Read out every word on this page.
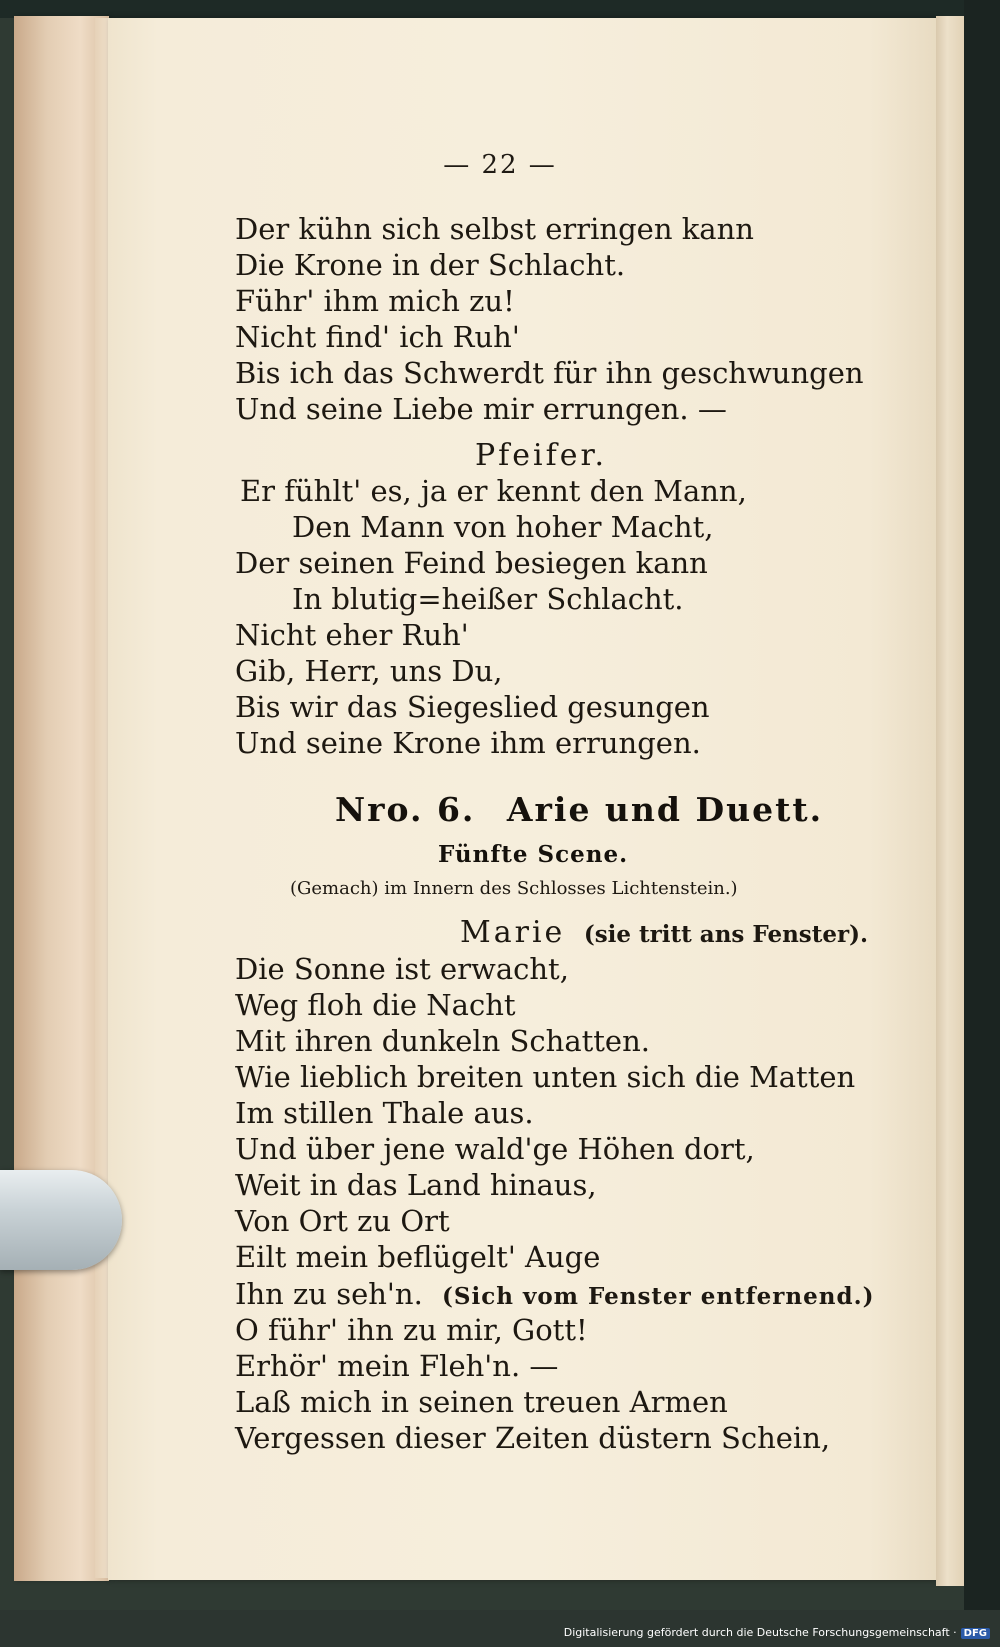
— 22 —
Der kühn sich selbst erringen kann
Die Krone in der Schlacht.
Führ' ihm mich zu!
Nicht find' ich Ruh'
Bis ich das Schwerdt für ihn geschwungen
Und seine Liebe mir errungen. —
Pfeifer.
Er fühlt' es, ja er kennt den Mann,
Den Mann von hoher Macht,
Der seinen Feind besiegen kann
In blutig=heißer Schlacht.
Nicht eher Ruh'
Gib, Herr, uns Du,
Bis wir das Siegeslied gesungen
Und seine Krone ihm errungen.
Nro. 6. Arie und Duett.
Fünfte Scene.
(Gemach) im Innern des Schlosses Lichtenstein.)
Marie (sie tritt ans Fenster).
Die Sonne ist erwacht,
Weg floh die Nacht
Mit ihren dunkeln Schatten.
Wie lieblich breiten unten sich die Matten
Im stillen Thale aus.
Und über jene wald'ge Höhen dort,
Weit in das Land hinaus,
Von Ort zu Ort
Eilt mein beflügelt' Auge
Ihn zu seh'n. (Sich vom Fenster entfernend.)
O führ' ihn zu mir, Gott!
Erhör' mein Fleh'n. —
Laß mich in seinen treuen Armen
Vergessen dieser Zeiten düstern Schein,
Digitalisierung gefördert durch die Deutsche Forschungsgemeinschaft · DFG
